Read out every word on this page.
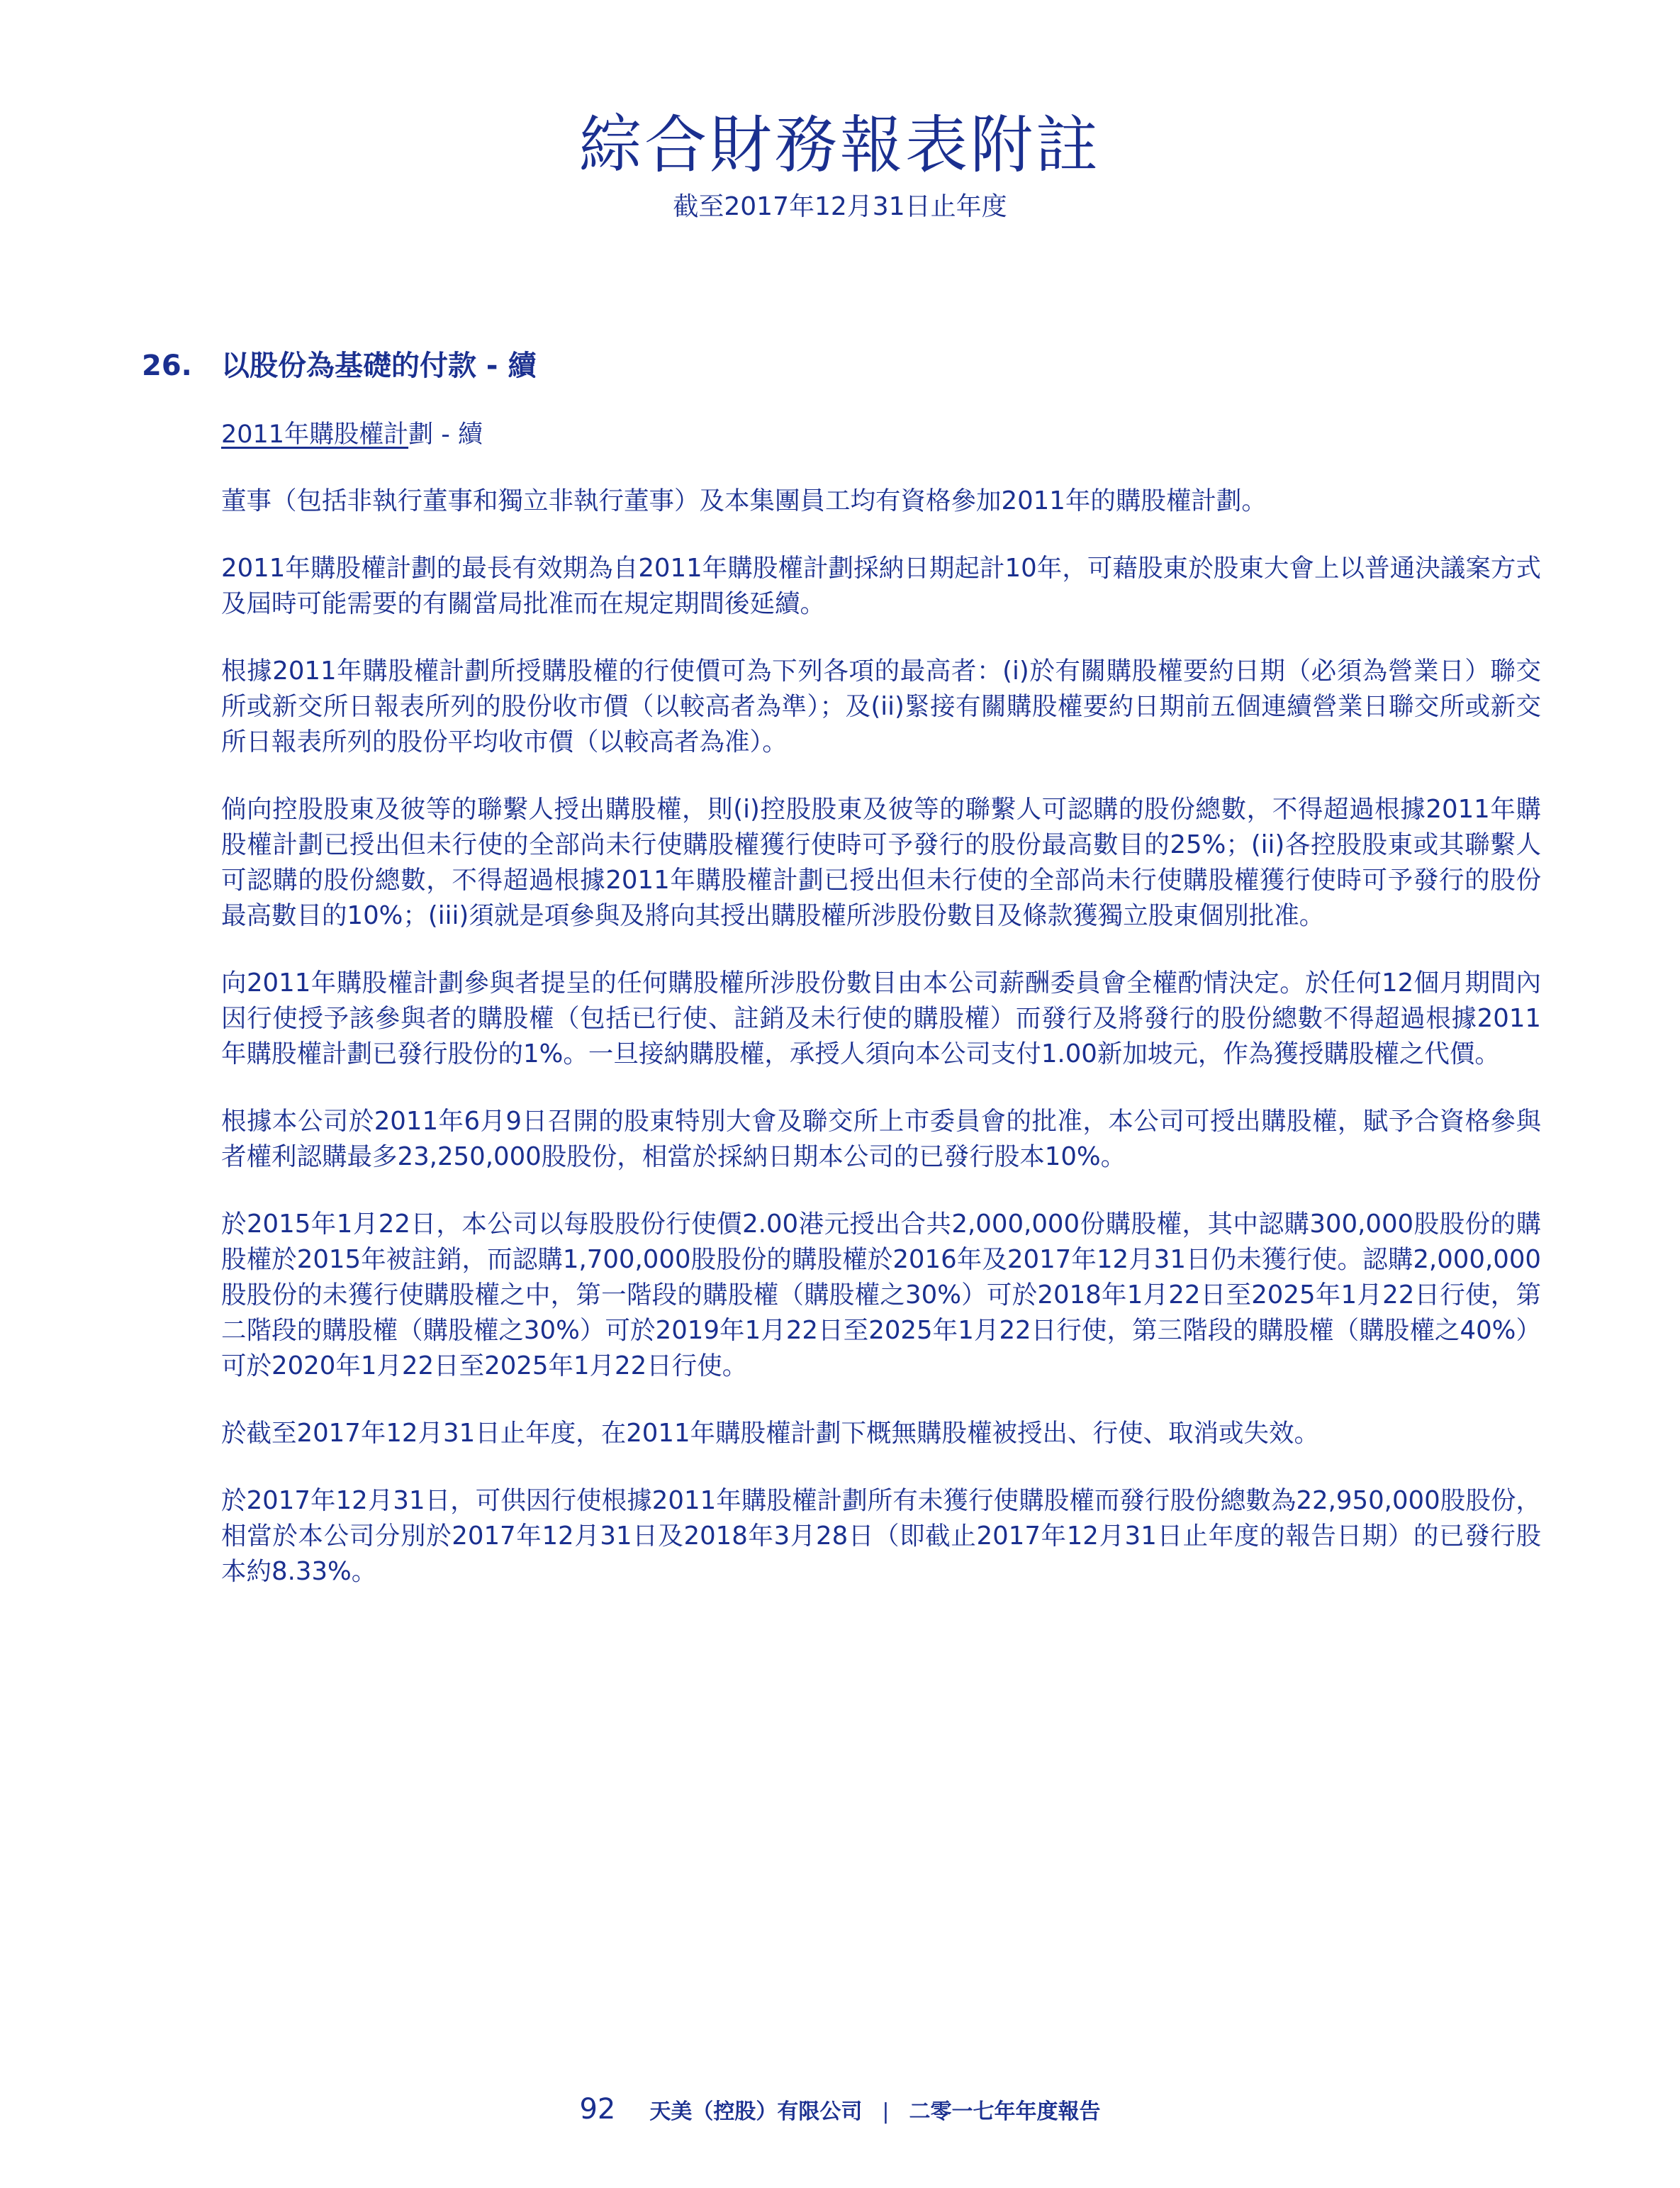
綜合財務報表附註
截至2017年12月31日止年度
26.	以股份為基礎的付款 - 續
2011年購股權計劃 - 續

董事（包括非執行董事和獨立非執行董事）及本集團員工均有資格參加2011年的購股權計劃。

2011年購股權計劃的最長有效期為自2011年購股權計劃採納日期起計10年，可藉股東於股東大會上以普通決議案方式及屆時可能需要的有關當局批准而在規定期間後延續。

根據2011年購股權計劃所授購股權的行使價可為下列各項的最高者：(i)於有關購股權要約日期（必須為營業日）聯交所或新交所日報表所列的股份收市價（以較高者為準）；及(ii)緊接有關購股權要約日期前五個連續營業日聯交所或新交所日報表所列的股份平均收市價（以較高者為准）。

倘向控股股東及彼等的聯繫人授出購股權，則(i)控股股東及彼等的聯繫人可認購的股份總數，不得超過根據2011年購股權計劃已授出但未行使的全部尚未行使購股權獲行使時可予發行的股份最高數目的25%；(ii)各控股股東或其聯繫人可認購的股份總數，不得超過根據2011年購股權計劃已授出但未行使的全部尚未行使購股權獲行使時可予發行的股份最高數目的10%；(iii)須就是項參與及將向其授出購股權所涉股份數目及條款獲獨立股東個別批准。

向2011年購股權計劃參與者提呈的任何購股權所涉股份數目由本公司薪酬委員會全權酌情決定。於任何12個月期間內因行使授予該參與者的購股權（包括已行使、註銷及未行使的購股權）而發行及將發行的股份總數不得超過根據2011年購股權計劃已發行股份的1%。一旦接納購股權，承授人須向本公司支付1.00新加坡元，作為獲授購股權之代價。

根據本公司於2011年6月9日召開的股東特別大會及聯交所上市委員會的批准，本公司可授出購股權，賦予合資格參與者權利認購最多23,250,000股股份，相當於採納日期本公司的已發行股本10%。

於2015年1月22日，本公司以每股股份行使價2.00港元授出合共2,000,000份購股權，其中認購300,000股股份的購股權於2015年被註銷，而認購1,700,000股股份的購股權於2016年及2017年12月31日仍未獲行使。認購2,000,000股股份的未獲行使購股權之中，第一階段的購股權（購股權之30%）可於2018年1月22日至2025年1月22日行使，第二階段的購股權（購股權之30%）可於2019年1月22日至2025年1月22日行使，第三階段的購股權（購股權之40%）可於2020年1月22日至2025年1月22日行使。

於截至2017年12月31日止年度，在2011年購股權計劃下概無購股權被授出、行使、取消或失效。

於2017年12月31日，可供因行使根據2011年購股權計劃所有未獲行使購股權而發行股份總數為22,950,000股股份，相當於本公司分別於2017年12月31日及2018年3月28日（即截止2017年12月31日止年度的報告日期）的已發行股本約8.33%。

92 天美（控股）有限公司 | 二零一七年年度報告
